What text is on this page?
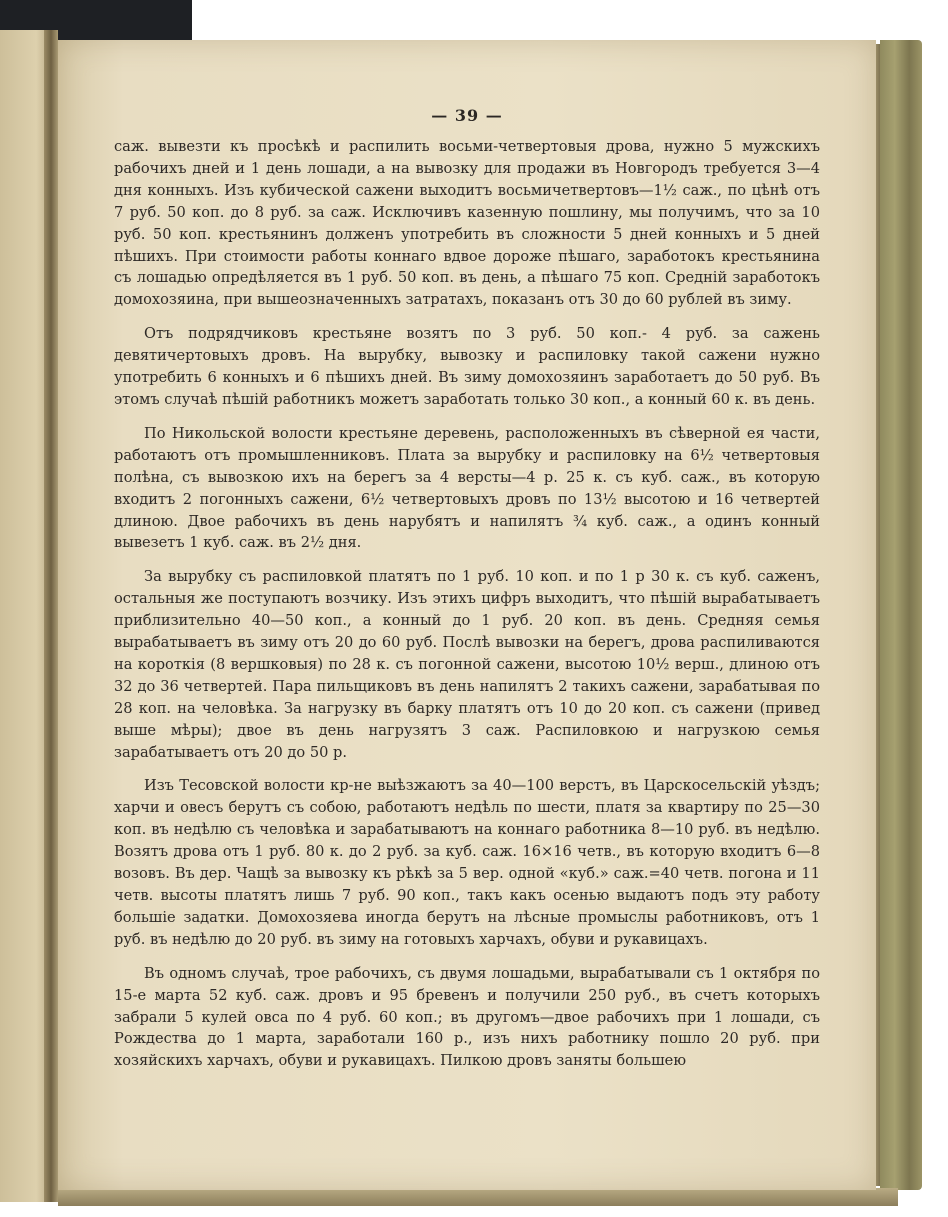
— 39 —

саж. вывезти къ просѣкѣ и распилить восьми-четвертовыя дрова, нужно 5 мужскихъ рабочихъ дней и 1 день лошади, а на вывозку для продажи въ Новгородъ требуется 3—4 дня конныхъ. Изъ кубической сажени выходитъ восьмичетвертовъ—1½ саж., по цѣнѣ отъ 7 руб. 50 коп. до 8 руб. за саж. Исключивъ казенную пошлину, мы получимъ, что за 10 руб. 50 коп. крестьянинъ долженъ употребить въ сложности 5 дней конныхъ и 5 дней пѣшихъ. При стоимости работы коннаго вдвое дороже пѣшаго, заработокъ крестьянина съ лошадью опредѣляется въ 1 руб. 50 коп. въ день, а пѣшаго 75 коп. Средній заработокъ домохозяина, при вышеозначенныхъ затратахъ, показанъ отъ 30 до 60 рублей въ зиму.

Отъ подрядчиковъ крестьяне возятъ по 3 руб. 50 коп.- 4 руб. за сажень девятичертовыхъ дровъ. На вырубку, вывозку и распиловку такой сажени нужно употребить 6 конныхъ и 6 пѣшихъ дней. Въ зиму домохозяинъ заработаетъ до 50 руб. Въ этомъ случаѣ пѣшій работникъ можетъ заработать только 30 коп., а конный 60 к. въ день.

По Никольской волости крестьяне деревень, расположенныхъ въ сѣверной ея части, работаютъ отъ промышленниковъ. Плата за вырубку и распиловку на 6½ четвертовыя полѣна, съ вывозкою ихъ на берегъ за 4 версты—4 р. 25 к. съ куб. саж., въ которую входитъ 2 погонныхъ сажени, 6½ четвертовыхъ дровъ по 13½ высотою и 16 четвертей длиною. Двое рабочихъ въ день нарубятъ и напилятъ ¾ куб. саж., а одинъ конный вывезетъ 1 куб. саж. въ 2½ дня.

За вырубку съ распиловкой платятъ по 1 руб. 10 коп. и по 1 р 30 к. съ куб. саженъ, остальныя же поступаютъ возчику. Изъ этихъ цифръ выходитъ, что пѣшій вырабатываетъ приблизительно 40—50 коп., а конный до 1 руб. 20 коп. въ день. Средняя семья вырабатываетъ въ зиму отъ 20 до 60 руб. Послѣ вывозки на берегъ, дрова распиливаются на короткія (8 вершковыя) по 28 к. съ погонной сажени, высотою 10½ верш., длиною отъ 32 до 36 четвертей. Пара пильщиковъ въ день напилятъ 2 такихъ сажени, зарабатывая по 28 коп. на человѣка. За нагрузку въ барку платятъ отъ 10 до 20 коп. съ сажени (привед выше мѣры); двое въ день нагрузятъ 3 саж. Распиловкою и нагрузкою семья зарабатываетъ отъ 20 до 50 р.

Изъ Тесовской волости кр-не выѣзжаютъ за 40—100 верстъ, въ Царскосельскій уѣздъ; харчи и овесъ берутъ съ собою, работаютъ недѣль по шести, платя за квартиру по 25—30 коп. въ недѣлю съ человѣка и зарабатываютъ на коннаго работника 8—10 руб. въ недѣлю. Возятъ дрова отъ 1 руб. 80 к. до 2 руб. за куб. саж. 16×16 четв., въ которую входитъ 6—8 возовъ. Въ дер. Чащѣ за вывозку къ рѣкѣ за 5 вер. одной «куб.» саж.=40 четв. погона и 11 четв. высоты платятъ лишь 7 руб. 90 коп., такъ какъ осенью выдаютъ подъ эту работу большіе задатки. Домохозяева иногда берутъ на лѣсные промыслы работниковъ, отъ 1 руб. въ недѣлю до 20 руб. въ зиму на готовыхъ харчахъ, обуви и рукавицахъ.

Въ одномъ случаѣ, трое рабочихъ, съ двумя лошадьми, вырабатывали съ 1 октября по 15-е марта 52 куб. саж. дровъ и 95 бревенъ и получили 250 руб., въ счетъ которыхъ забрали 5 кулей овса по 4 руб. 60 коп.; въ другомъ—двое рабочихъ при 1 лошади, съ Рождества до 1 марта, заработали 160 р., изъ нихъ работнику пошло 20 руб. при хозяйскихъ харчахъ, обуви и рукавицахъ. Пилкою дровъ заняты большею
